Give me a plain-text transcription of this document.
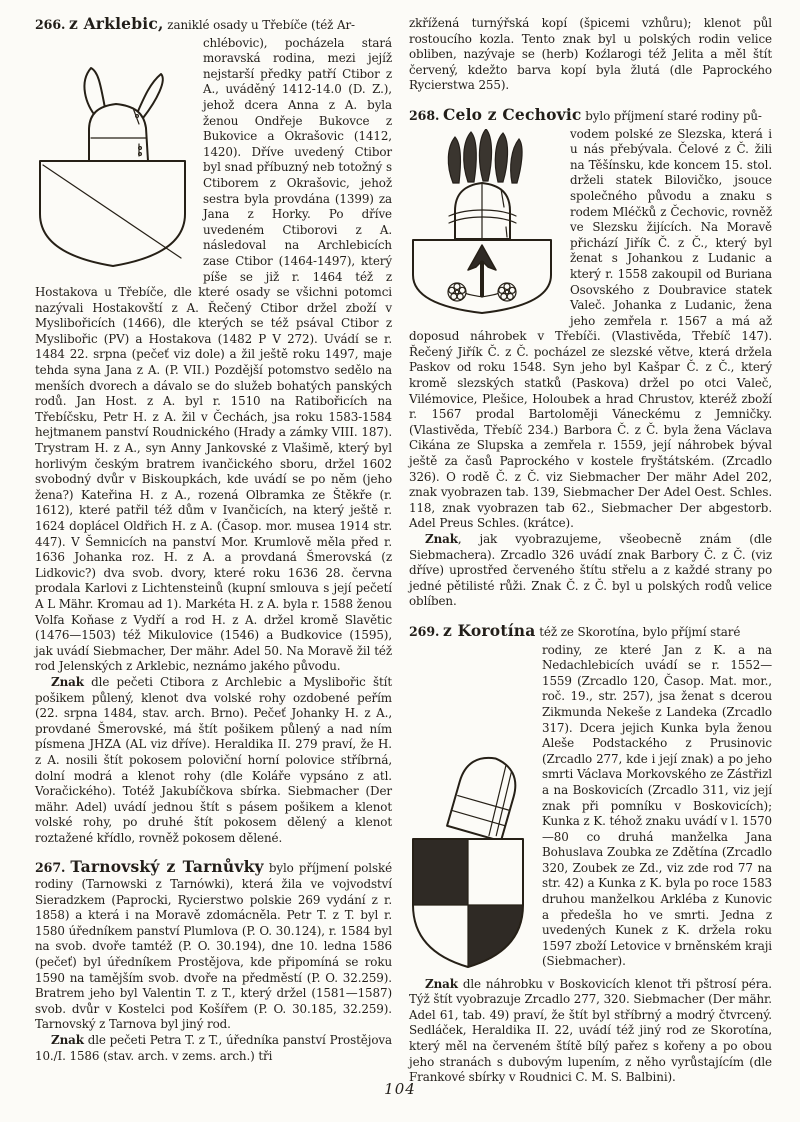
266. z Arklebic, zaniklé osady u Třebíče (též Ar-

chlébovic), pocházela stará moravská rodina, mezi jejíž nejstarší předky patří Ctibor z A., uváděný 1412-14.0 (D. Z.), jehož dcera Anna z A. byla ženou Ondřeje Bukovce z Bukovice a Okrašovic (1412, 1420). Dříve uvedený Ctibor byl snad příbuzný neb totožný s Ctiborem z Okrašovic, jehož sestra byla provdána (1399) za Jana z Horky. Po dříve uvedeném Ctiborovi z A. následoval na Archlebicích zase Ctibor (1464-1497), který píše se již r. 1464 též z Hostakova u Třebíče, dle které osady se všichni potomci nazývali Hostakovští z A. Řečený Ctibor držel zboží v Myslibořicích (1466), dle kterých se též psával Ctibor z Myslibořic (PV) a Hostakova (1482 P V 272). Uvádí se r. 1484 22. srpna (pečeť viz dole) a žil ještě roku 1497, maje tehda syna Jana z A. (P. VII.) Pozdější potomstvo sedělo na menších dvorech a dávalo se do služeb bohatých panských rodů. Jan Host. z A. byl r. 1510 na Ratibořicích na Třebíčsku, Petr H. z A. žil v Čechách, jsa roku 1583-1584 hejtmanem panství Roudnického (Hrady a zámky VIII. 187). Trystram H. z A., syn Anny Jankovské z Vlašimě, který byl horlivým českým bratrem ivančického sboru, držel 1602 svobodný dvůr v Biskoupkách, kde uvádí se po něm (jeho žena?) Kateřina H. z A., rozená Olbramka ze Štěkře (r. 1612), které patřil též dům v Ivančicích, na který ještě r. 1624 doplácel Oldřich H. z A. (Časop. mor. musea 1914 str. 447). V Šemnicích na panství Mor. Krumlově měla před r. 1636 Johanka roz. H. z A. a provdaná Šmerovská (z Lidkovic?) dva svob. dvory, které roku 1636 28. června prodala Karlovi z Lichtensteinů (kupní smlouva s její pečetí A L Mähr. Kromau ad 1). Markéta H. z A. byla r. 1588 ženou Volfa Koňase z Vydří a rod H. z A. držel kromě Slavětic (1476—1503) též Mikulovice (1546) a Budkovice (1595), jak uvádí Siebmacher, Der mähr. Adel 50. Na Moravě žil též rod Jelenských z Arklebic, neznámo jakého původu.

Znak dle pečeti Ctibora z Archlebic a Myslibořic štít pošikem půlený, klenot dva volské rohy ozdobené peřím (22. srpna 1484, stav. arch. Brno). Pečeť Johanky H. z A., provdané Šmerovské, má štít pošikem půlený a nad ním písmena JHZA (AL viz dříve). Heraldika II. 279 praví, že H. z A. nosili štít pokosem poloviční horní polovice stříbrná, dolní modrá a klenot rohy (dle Koláře vypsáno z atl. Voračického). Totéž Jakubíčkova sbírka. Siebmacher (Der mähr. Adel) uvádí jednou štít s pásem pošikem a klenot volské rohy, po druhé štít pokosem dělený a klenot roztažené křídlo, rovněž pokosem dělené.

267. Tarnovský z Tarnůvky bylo příjmení polské rodiny (Tarnowski z Tarnówki), která žila ve vojvodství Sieradzkem (Paprocki, Rycierstwo polskie 269 vydání z r. 1858) a která i na Moravě zdomácněla. Petr T. z T. byl r. 1580 úředníkem panství Plumlova (P. O. 30.124), r. 1584 byl na svob. dvoře tamtéž (P. O. 30.194), dne 10. ledna 1586 (pečeť) byl úředníkem Prostějova, kde připomíná se roku 1590 na tamějším svob. dvoře na předměstí (P. O. 32.259). Bratrem jeho byl Valentin T. z T., který držel (1581—1587) svob. dvůr v Kostelci pod Košířem (P. O. 30.185, 32.259). Tarnovský z Tarnova byl jiný rod.

Znak dle pečeti Petra T. z T., úředníka panství Prostějova 10./I. 1586 (stav. arch. v zems. arch.) tři

zkřížená turnýřská kopí (špicemi vzhůru); klenot půl rostoucího kozla. Tento znak byl u polských rodin velice obliben, nazývaje se (herb) Koźlarogi též Jelita a měl štít červený, kdežto barva kopí byla žlutá (dle Paprockého Rycierstwa 255).

268. Čelo z Čechovic bylo příjmení staré rodiny pů-

vodem polské ze Slezska, která i u nás přebývala. Čelové z Č. žili na Těšínsku, kde koncem 15. stol. drželi statek Bilovičko, jsouce společného původu a znaku s rodem Mléčků z Čechovic, rovněž ve Slezsku žijících. Na Moravě přichází Jiřík Č. z Č., který byl ženat s Johankou z Ludanic a který r. 1558 zakoupil od Buriana Osovského z Doubravice statek Valeč. Johanka z Ludanic, žena jeho zemřela r. 1567 a má až doposud náhrobek v Třebíči. (Vlastivěda, Třebíč 147). Řečený Jiřík Č. z Č. pocházel ze slezské větve, která držela Paskov od roku 1548. Syn jeho byl Kašpar Č. z Č., který kromě slezských statků (Paskova) držel po otci Valeč, Vilémovice, Plešice, Holoubek a hrad Chrustov, kteréž zboží r. 1567 prodal Bartoloměji Váneckému z Jemničky. (Vlastivěda, Třebíč 234.) Barbora Č. z Č. byla žena Václava Cikána ze Slupska a zemřela r. 1559, její náhrobek býval ještě za časů Paprockého v kostele fryštátském. (Zrcadlo 326). O rodě Č. z Č. viz Siebmacher Der mähr Adel 202, znak vyobrazen tab. 139, Siebmacher Der Adel Oest. Schles. 118, znak vyobrazen tab 62., Siebmacher Der abgestorb. Adel Preus Schles. (krátce).

Znak, jak vyobrazujeme, všeobecně znám (dle Siebmachera). Zrcadlo 326 uvádí znak Barbory Č. z Č. (viz dříve) uprostřed červeného štítu střelu a z každé strany po jedné pětilisté růži. Znak Č. z Č. byl u polských rodů velice oblíben.

269. z Korotína též ze Skorotína, bylo příjmí staré

rodiny, ze které Jan z K. a na Nedachlebicích uvádí se r. 1552—1559 (Zrcadlo 120, Časop. Mat. mor., roč. 19., str. 257), jsa ženat s dcerou Zikmunda Nekeše z Landeka (Zrcadlo 317). Dcera jejich Kunka byla ženou Aleše Podstackého z Prusinovic (Zrcadlo 277, kde i její znak) a po jeho smrti Václava Morkovského ze Zástřizl a na Boskovicích (Zrcadlo 311, viz její znak při pomníku v Boskovicích); Kunka z K. téhož znaku uvádí v l. 1570—80 co druhá manželka Jana Bohuslava Zoubka ze Zdětína (Zrcadlo 320, Zoubek ze Zd., viz zde rod 77 na str. 42) a Kunka z K. byla po roce 1583 druhou manželkou Arkléba z Kunovic a předešla ho ve smrti. Jedna z uvedených Kunek z K. držela roku 1597 zboží Letovice v brněnském kraji (Siebmacher).

Znak dle náhrobku v Boskovicích klenot tři pštrosí péra. Týž štít vyobrazuje Zrcadlo 277, 320. Siebmacher (Der mähr. Adel 61, tab. 49) praví, že štít byl stříbrný a modrý čtvrcený. Sedláček, Heraldika II. 22, uvádí též jiný rod ze Skorotína, který měl na červeném štítě bílý pařez s kořeny a po obou jeho stranách s dubovým lupením, z něho vyrůstajícím (dle Frankové sbírky v Roudnici C. M. S. Balbini).

104
